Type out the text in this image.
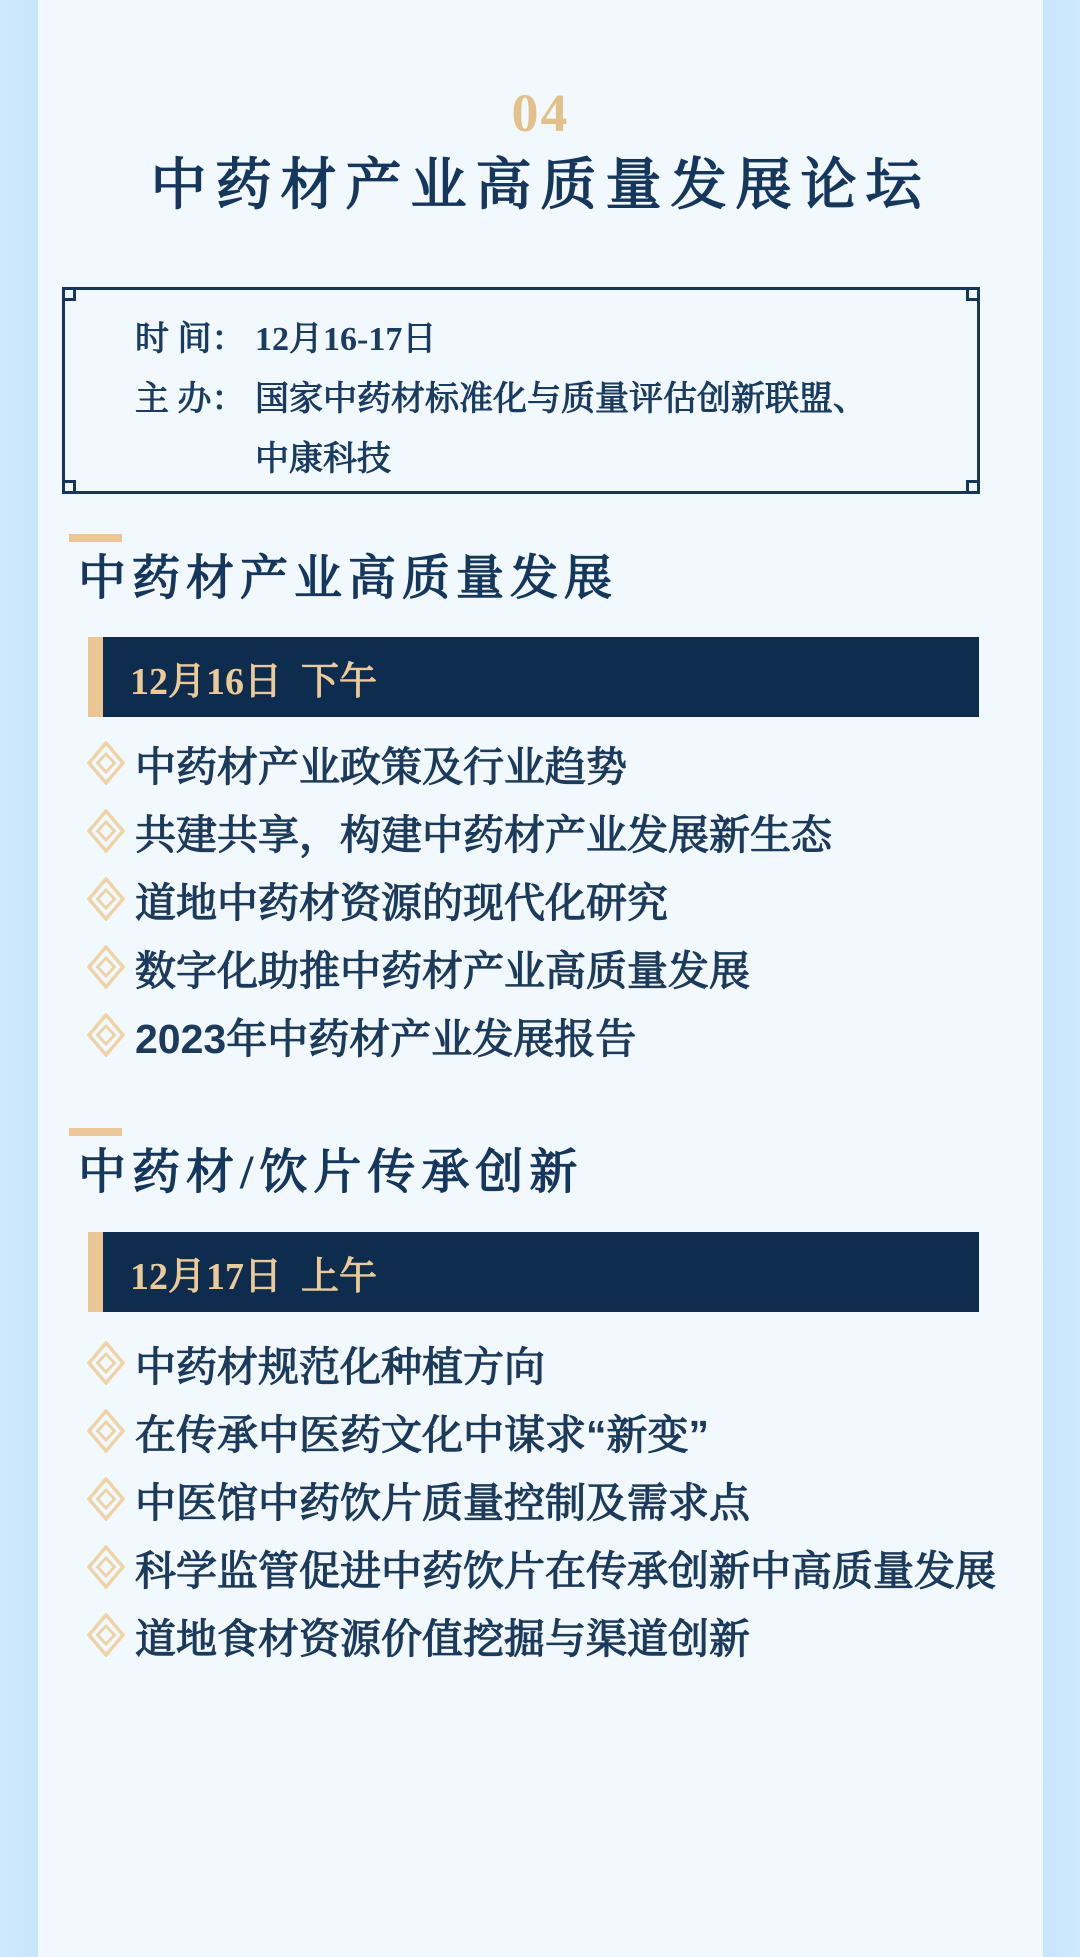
04
中药材产业高质量发展论坛
时 间： 12月16-17日
主 办： 国家中药材标准化与质量评估创新联盟、
中康科技
中药材产业高质量发展
12月16日  下午
中药材产业政策及行业趋势
共建共享，构建中药材产业发展新生态
道地中药材资源的现代化研究
数字化助推中药材产业高质量发展
2023年中药材产业发展报告
中药材/饮片传承创新
12月17日  上午
中药材规范化种植方向
在传承中医药文化中谋求“新变”
中医馆中药饮片质量控制及需求点
科学监管促进中药饮片在传承创新中高质量发展
道地食材资源价值挖掘与渠道创新
